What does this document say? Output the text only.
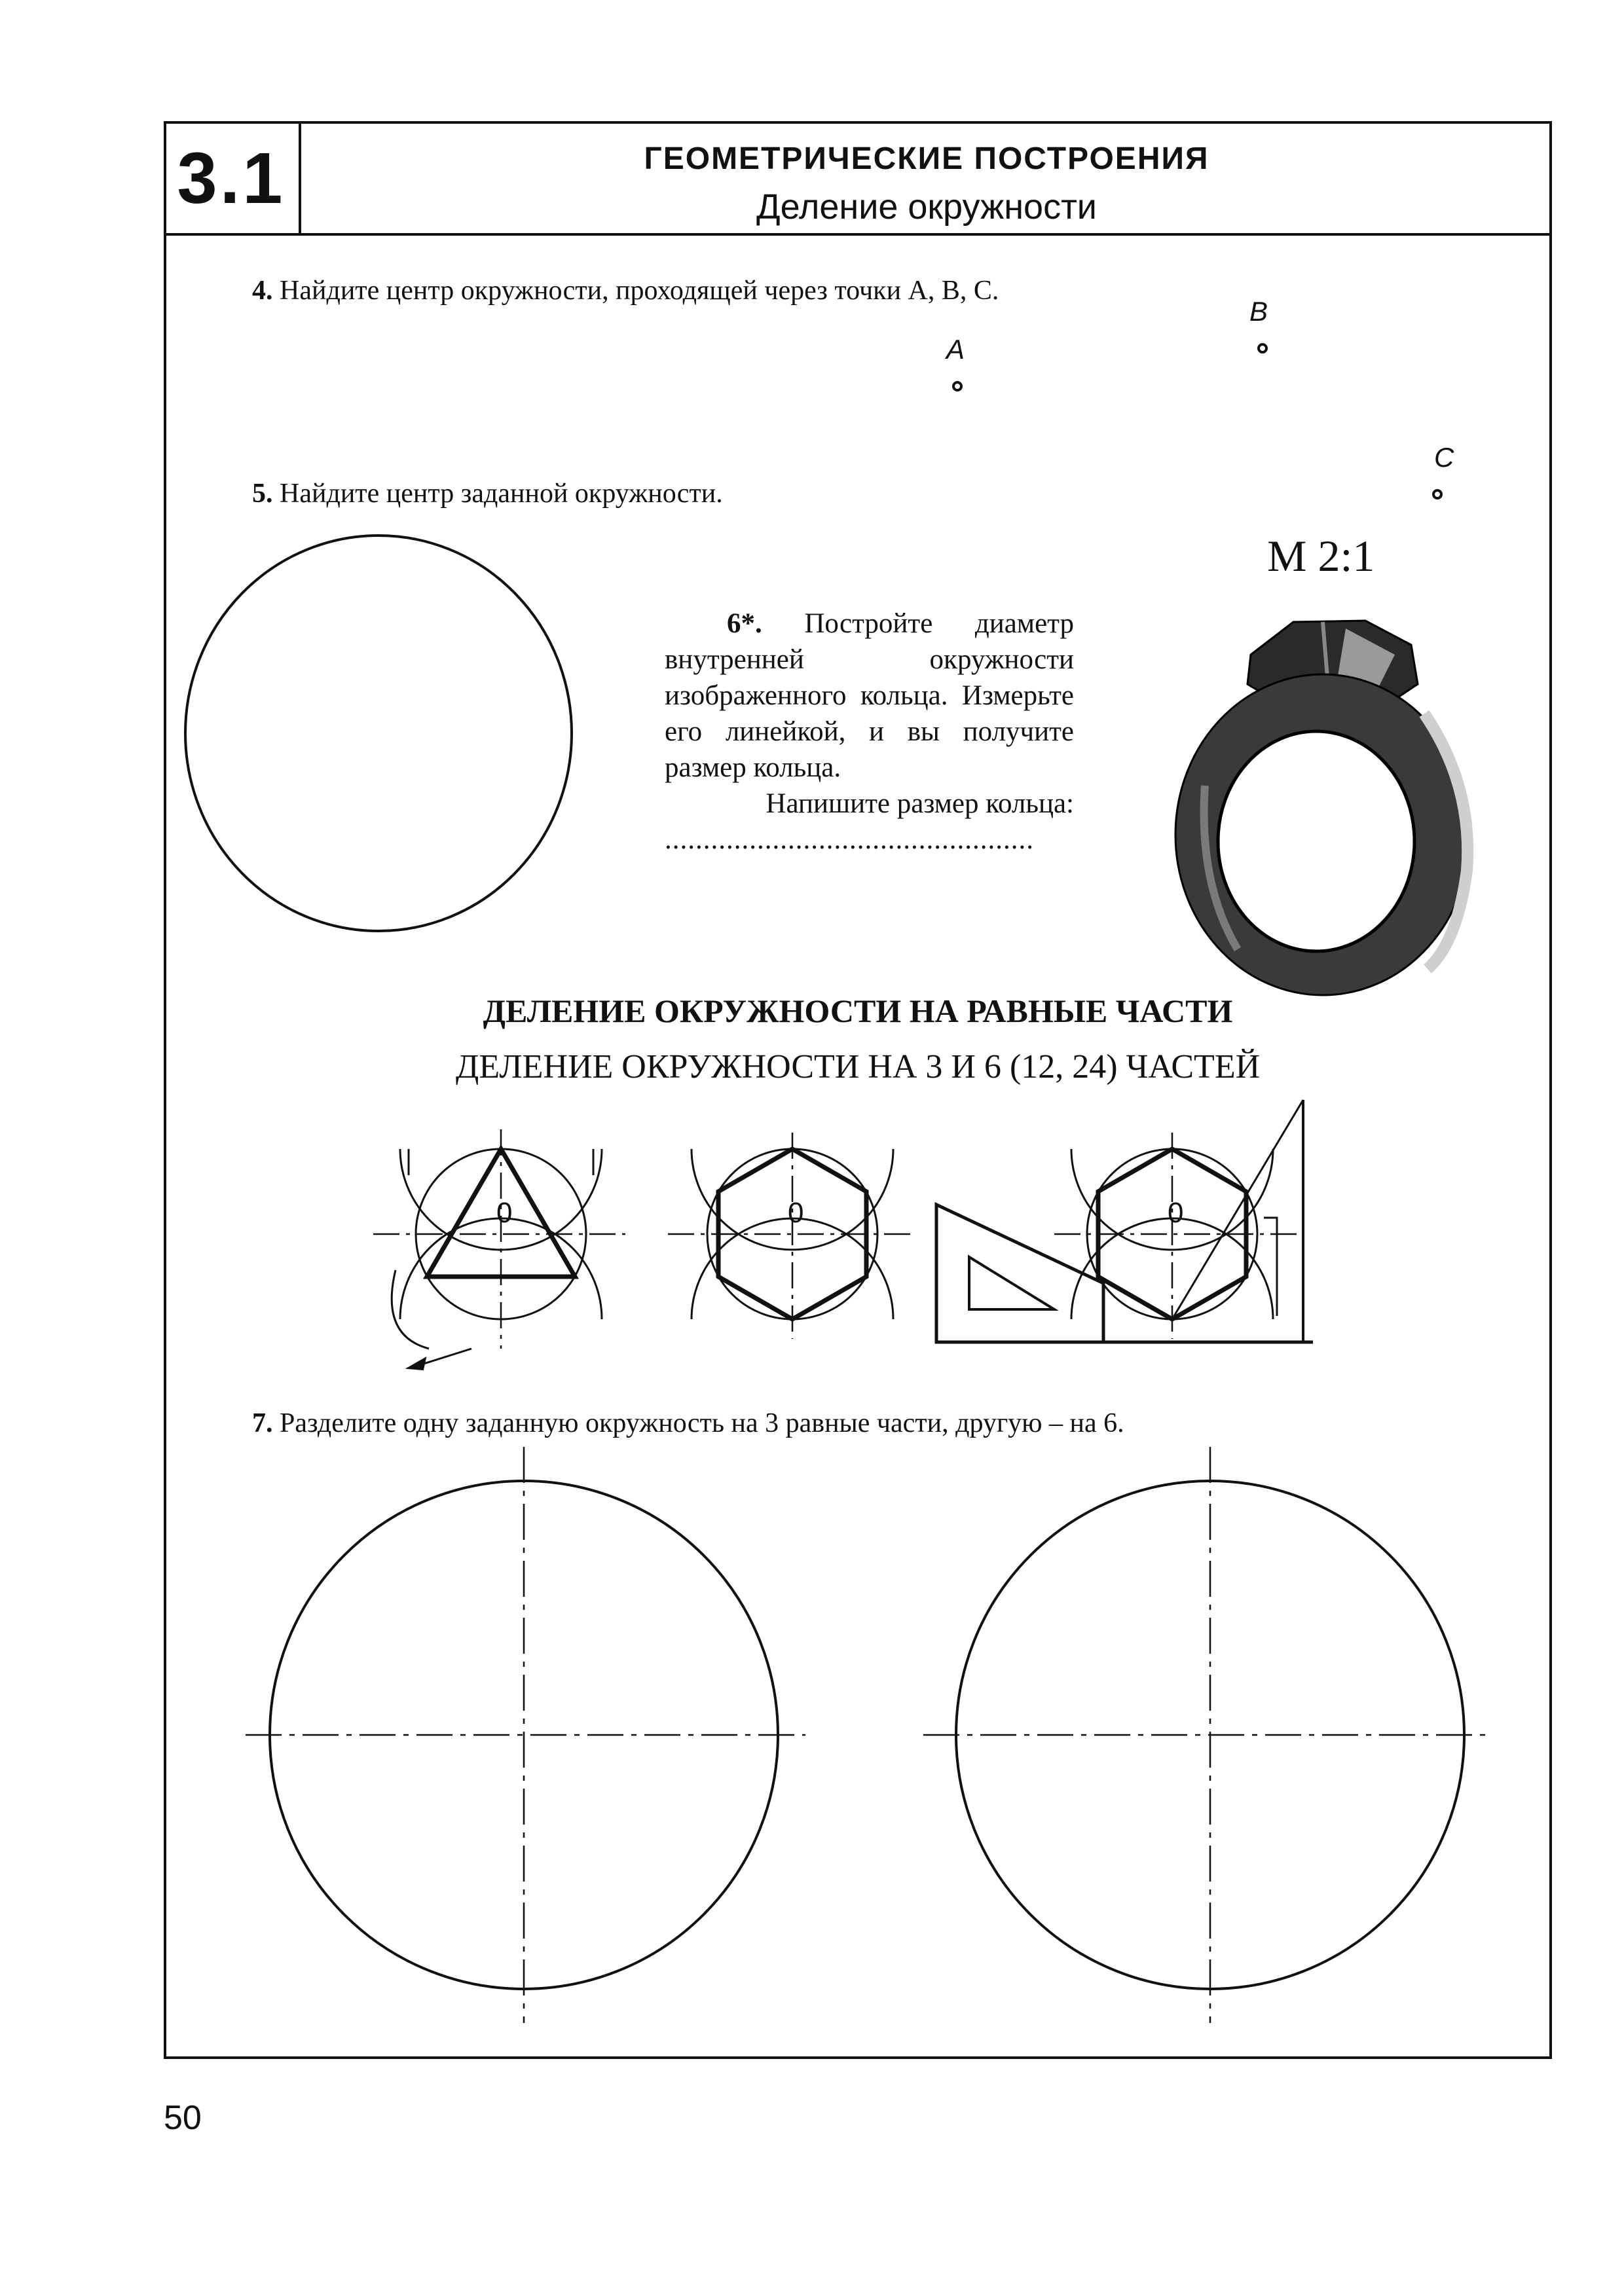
3.1	ГЕОМЕТРИЧЕСКИЕ ПОСТРОЕНИЯ
Деление окружности
4. Найдите центр окружности, проходящей через точки А, В, С.
A
B
C
5. Найдите центр заданной окружности.

6*. Постройте диаметр внутренней окружности изображенного кольца. Измерьте его линейкой, и вы получите размер кольца.

Напишите размер кольца:

................................................

М 2:1
ДЕЛЕНИЕ ОКРУЖНОСТИ НА РАВНЫЕ ЧАСТИ
ДЕЛЕНИЕ ОКРУЖНОСТИ НА 3 И 6 (12, 24) ЧАСТЕЙ
0	0	0
7. Разделите одну заданную окружность на 3 равные части, другую – на 6.
50
